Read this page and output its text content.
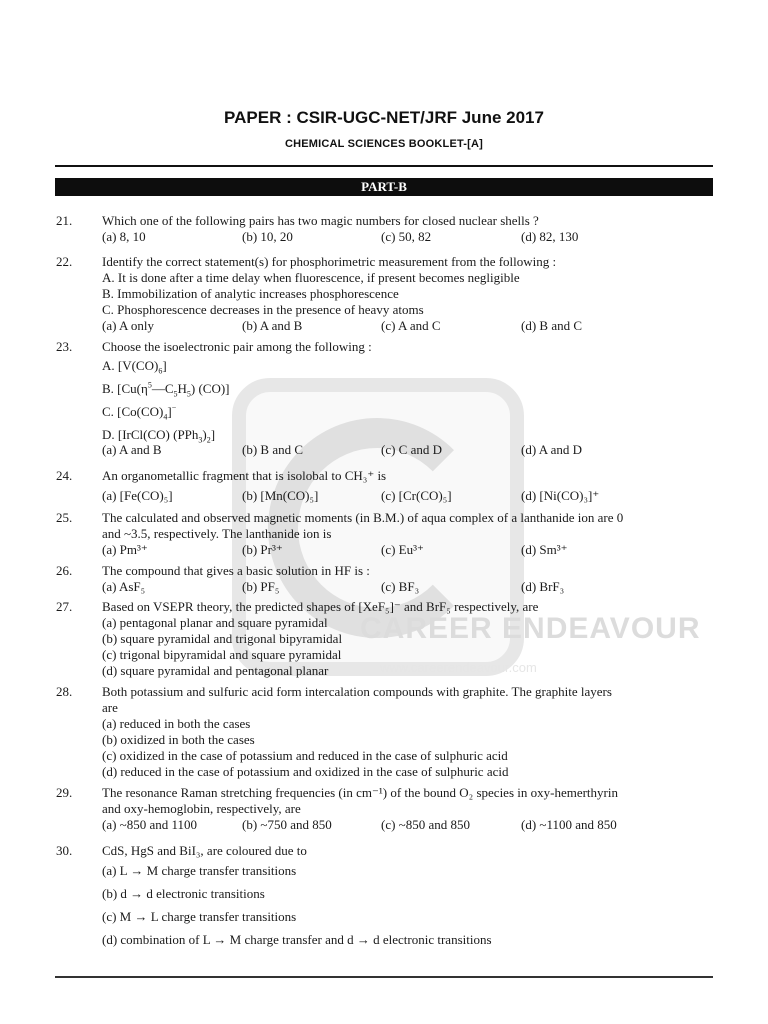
CAREER ENDEAVOUR
www.careerendeavour.com
PAPER : CSIR-UGC-NET/JRF June 2017
CHEMICAL SCIENCES BOOKLET-[A]
PART-B
21. Which one of the following pairs has two magic numbers for closed nuclear shells ?
(a) 8, 10	(b) 10, 20	(c) 50, 82	(d) 82, 130
22. Identify the correct statement(s) for phosphorimetric measurement from the following :
A. It is done after a time delay when fluorescence, if present becomes negligible
B. Immobilization of analytic increases phosphorescence
C. Phosphorescence decreases in the presence of heavy atoms
(a) A only	(b) A and B	(c) A and C	(d) B and C
23. Choose the isoelectronic pair among the following :
A. $[V(CO)_6]$
B. [$Cu(\eta^5—C_5H_5)$ (CO)]
C. $[Co(CO)_4]^-$
D. [IrCl(CO) $(PPh_3)_2$]
(a) A and B	(b) B and C	(c) C and D	(d) A and D
24. An organometallic fragment that is isolobal to CH₃⁺ is
(a) [Fe(CO)₅]	(b) [Mn(CO)₅]	(c) [Cr(CO)₅]	(d) [Ni(CO)₃]⁺
25. The calculated and observed magnetic moments (in B.M.) of aqua complex of a lanthanide ion are 0
and ~3.5, respectively. The lanthanide ion is
(a) Pm³⁺	(b) Pr³⁺	(c) Eu³⁺	(d) Sm³⁺
26. The compound that gives a basic solution in HF is :
(a) AsF₅	(b) PF₅	(c) BF₃	(d) BrF₃
27. Based on VSEPR theory, the predicted shapes of [XeF₅]⁻ and BrF₅ respectively, are
(a) pentagonal planar and square pyramidal
(b) square pyramidal and trigonal bipyramidal
(c) trigonal bipyramidal and square pyramidal
(d) square pyramidal and pentagonal planar
28. Both potassium and sulfuric acid form intercalation compounds with graphite. The graphite layers
are
(a) reduced in both the cases
(b) oxidized in both the cases
(c) oxidized in the case of potassium and reduced in the case of sulphuric acid
(d) reduced in the case of potassium and oxidized in the case of sulphuric acid
29. The resonance Raman stretching frequencies (in cm⁻¹) of the bound O₂ species in oxy-hemerthyrin
and oxy-hemoglobin, respectively, are
(a) ~850 and 1100	(b) ~750 and 850	(c) ~850 and 850	(d) ~1100 and 850
30. CdS, HgS and BiI₃, are coloured due to
(a) L → M charge transfer transitions
(b) d → d electronic transitions
(c) M → L charge transfer transitions
(d) combination of L → M charge transfer and d → d electronic transitions
